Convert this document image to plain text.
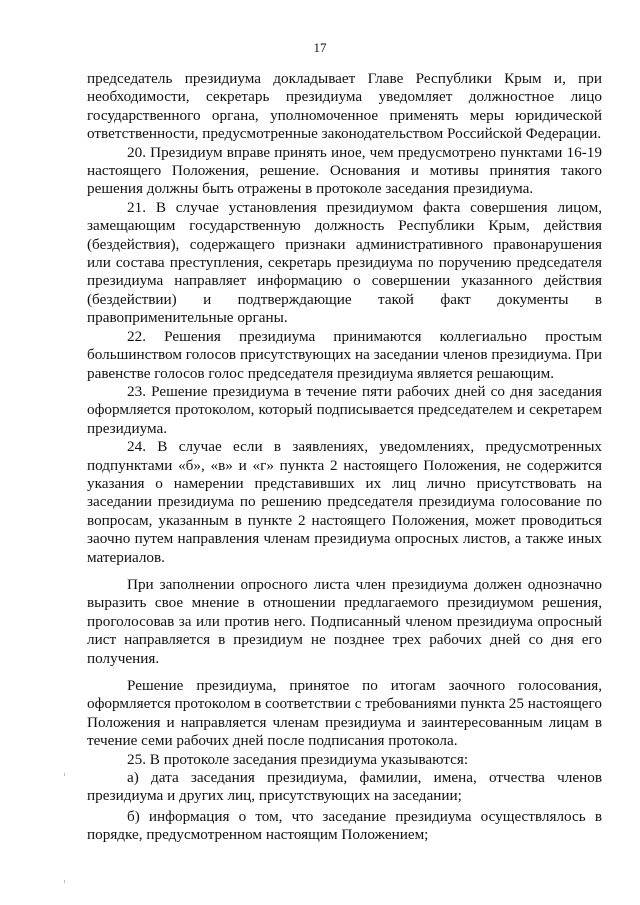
17

председатель президиума докладывает Главе Республики Крым и, при необходимости, секретарь президиума уведомляет должностное лицо государственного органа, уполномоченное применять меры юридической ответственности, предусмотренные законодательством Российской Федерации.

20. Президиум вправе принять иное, чем предусмотрено пунктами 16-19 настоящего Положения, решение. Основания и мотивы принятия такого решения должны быть отражены в протоколе заседания президиума.

21. В случае установления президиумом факта совершения лицом, замещающим государственную должность Республики Крым, действия (бездействия), содержащего признаки административного правонарушения или состава преступления, секретарь президиума по поручению председателя президиума направляет информацию о совершении указанного действия (бездействии) и подтверждающие такой факт документы в правоприменительные органы.

22. Решения президиума принимаются коллегиально простым большинством голосов присутствующих на заседании членов президиума. При равенстве голосов голос председателя президиума является решающим.

23. Решение президиума в течение пяти рабочих дней со дня заседания оформляется протоколом, который подписывается председателем и секретарем президиума.

24. В случае если в заявлениях, уведомлениях, предусмотренных подпунктами «б», «в» и «г» пункта 2 настоящего Положения, не содержится указания о намерении представивших их лиц лично присутствовать на заседании президиума по решению председателя президиума голосование по вопросам, указанным в пункте 2 настоящего Положения, может проводиться заочно путем направления членам президиума опросных листов, а также иных материалов.

При заполнении опросного листа член президиума должен однозначно выразить свое мнение в отношении предлагаемого президиумом решения, проголосовав за или против него. Подписанный членом президиума опросный лист направляется в президиум не позднее трех рабочих дней со дня его получения.

Решение президиума, принятое по итогам заочного голосования, оформляется протоколом в соответствии с требованиями пункта 25 настоящего Положения и направляется членам президиума и заинтересованным лицам в течение семи рабочих дней после подписания протокола.

25. В протоколе заседания президиума указываются:

а) дата заседания президиума, фамилии, имена, отчества членов президиума и других лиц, присутствующих на заседании;

б) информация о том, что заседание президиума осуществлялось в порядке, предусмотренном настоящим Положением;
